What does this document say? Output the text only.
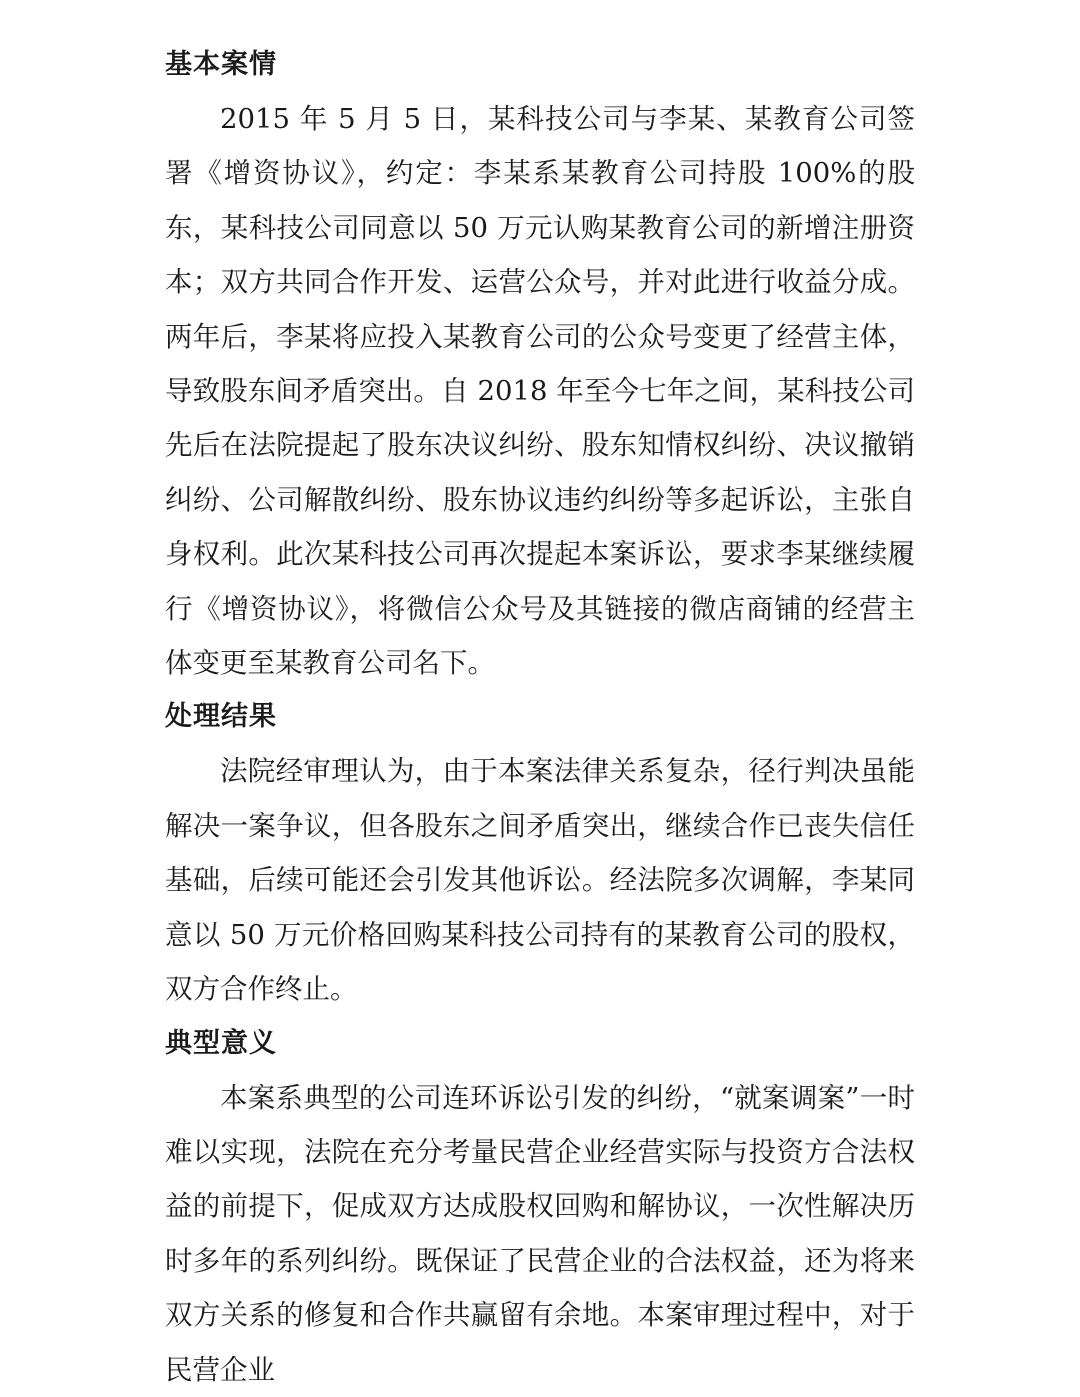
基本案情

2015 年 5 月 5 日，某科技公司与李某、某教育公司签署《增资协议》，约定：李某系某教育公司持股 100%的股东，某科技公司同意以 50 万元认购某教育公司的新增注册资本；双方共同合作开发、运营公众号，并对此进行收益分成。两年后，李某将应投入某教育公司的公众号变更了经营主体，导致股东间矛盾突出。自 2018 年至今七年之间，某科技公司先后在法院提起了股东决议纠纷、股东知情权纠纷、决议撤销纠纷、公司解散纠纷、股东协议违约纠纷等多起诉讼，主张自身权利。此次某科技公司再次提起本案诉讼，要求李某继续履行《增资协议》，将微信公众号及其链接的微店商铺的经营主体变更至某教育公司名下。

处理结果

法院经审理认为，由于本案法律关系复杂，径行判决虽能解决一案争议，但各股东之间矛盾突出，继续合作已丧失信任基础，后续可能还会引发其他诉讼。经法院多次调解，李某同意以 50 万元价格回购某科技公司持有的某教育公司的股权，双方合作终止。

典型意义

本案系典型的公司连环诉讼引发的纠纷，“就案调案”一时难以实现，法院在充分考量民营企业经营实际与投资方合法权益的前提下，促成双方达成股权回购和解协议，一次性解决历时多年的系列纠纷。既保证了民营企业的合法权益，还为将来双方关系的修复和合作共赢留有余地。本案审理过程中，对于民营企业
